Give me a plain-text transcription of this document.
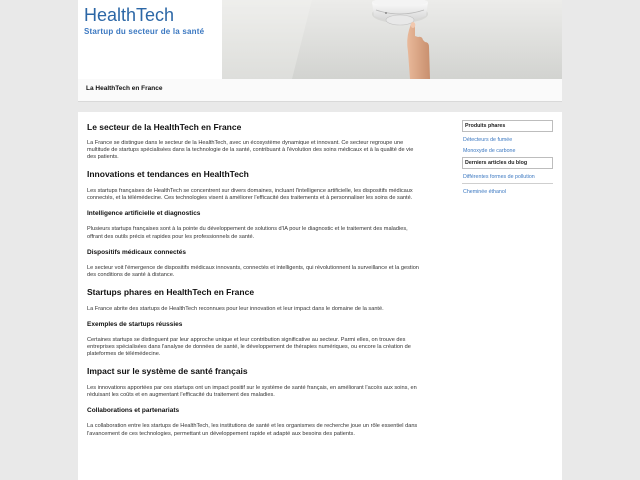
HealthTech
Startup du secteur de la santé
La HealthTech en France
Le secteur de la HealthTech en France

La France se distingue dans le secteur de la HealthTech, avec un écosystème dynamique et innovant. Ce secteur regroupe une multitude de startups spécialisées dans la technologie de la santé, contribuant à l'évolution des soins médicaux et à la qualité de vie des patients.

Innovations et tendances en HealthTech

Les startups françaises de HealthTech se concentrent sur divers domaines, incluant l'intelligence artificielle, les dispositifs médicaux connectés, et la télémédecine. Ces technologies visent à améliorer l'efficacité des traitements et à personnaliser les soins de santé.

Intelligence artificielle et diagnostics

Plusieurs startups françaises sont à la pointe du développement de solutions d'IA pour le diagnostic et le traitement des maladies, offrant des outils précis et rapides pour les professionnels de santé.

Dispositifs médicaux connectés

Le secteur voit l'émergence de dispositifs médicaux innovants, connectés et intelligents, qui révolutionnent la surveillance et la gestion des conditions de santé à distance.

Startups phares en HealthTech en France

La France abrite des startups de HealthTech reconnues pour leur innovation et leur impact dans le domaine de la santé.

Exemples de startups réussies

Certaines startups se distinguent par leur approche unique et leur contribution significative au secteur. Parmi elles, on trouve des entreprises spécialisées dans l'analyse de données de santé, le développement de thérapies numériques, ou encore la création de plateformes de télémédecine.

Impact sur le système de santé français

Les innovations apportées par ces startups ont un impact positif sur le système de santé français, en améliorant l'accès aux soins, en réduisant les coûts et en augmentant l'efficacité du traitement des maladies.

Collaborations et partenariats

La collaboration entre les startups de HealthTech, les institutions de santé et les organismes de recherche joue un rôle essentiel dans l'avancement de ces technologies, permettant un développement rapide et adapté aux besoins des patients.

Produits phares
Détecteurs de fumée
Monoxyde de carbone
Derniers articles du blog
Différentes formes de pollution
Cheminée éthanol
